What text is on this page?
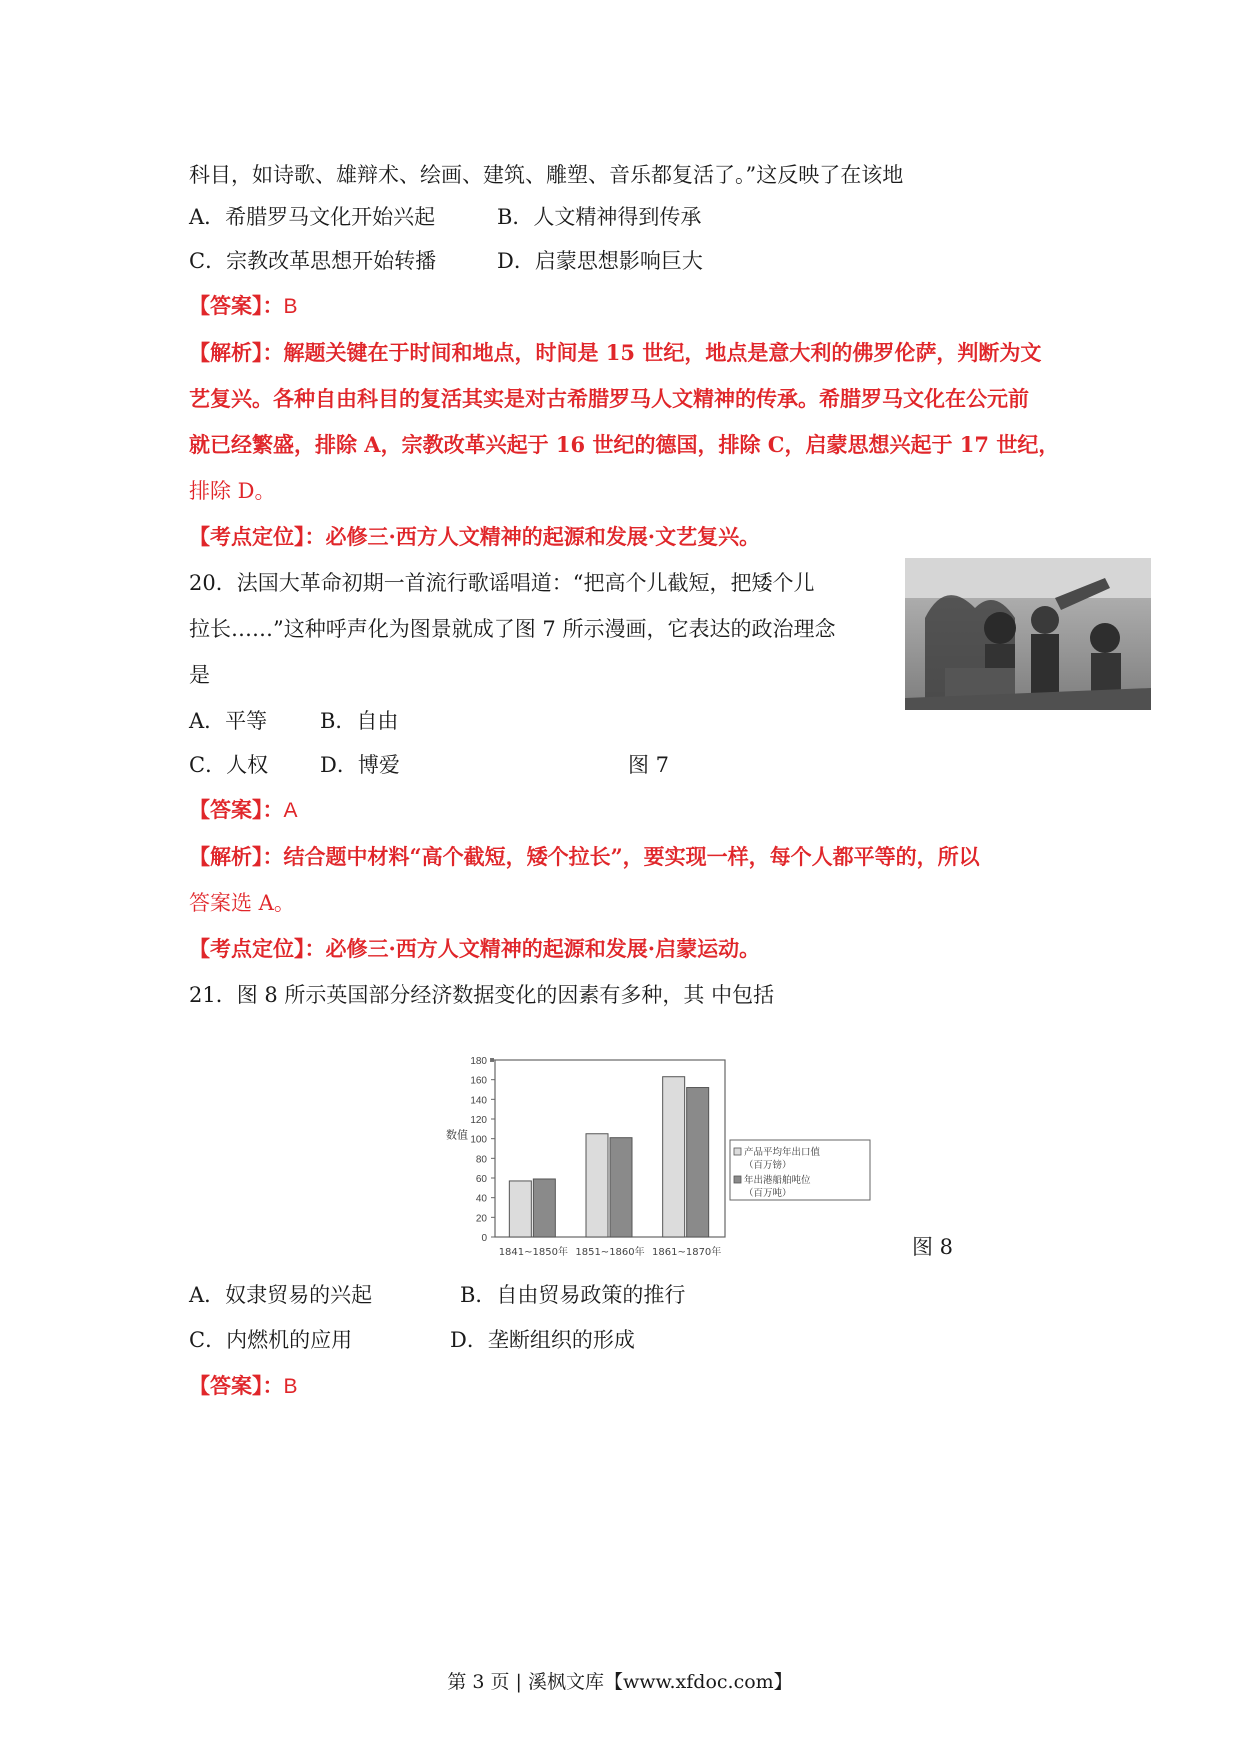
科目，如诗歌、雄辩术、绘画、建筑、雕塑、音乐都复活了。”这反映了在该地
A．希腊罗马文化开始兴起	B．人文精神得到传承
C．宗教改革思想开始转播	D．启蒙思想影响巨大
【答案】：B
【解析】：解题关键在于时间和地点，时间是 15 世纪，地点是意大利的佛罗伦萨，判断为文
艺复兴。各种自由科目的复活其实是对古希腊罗马人文精神的传承。希腊罗马文化在公元前
就已经繁盛，排除 A，宗教改革兴起于 16 世纪的德国，排除 C，启蒙思想兴起于 17 世纪，
排除 D。
【考点定位】：必修三·西方人文精神的起源和发展·文艺复兴。
20．法国大革命初期一首流行歌谣唱道：“把高个儿截短，把矮个儿
拉长……”这种呼声化为图景就成了图 7 所示漫画，它表达的政治理念
是
A．平等	B．自由
C．人权 D．博爱	图 7
【答案】：A
【解析】：结合题中材料“高个截短，矮个拉长”，要实现一样，每个人都平等的，所以
答案选 A。
【考点定位】：必修三·西方人文精神的起源和发展·启蒙运动。
21．图 8 所示英国部分经济数据变化的因素有多种，其 中包括
0
20
40
60
80
100
120
140
160
180
数值
1841~1850年 1851~1860年 1861~1870年
产品平均年出口值
（百万镑）
年出港船舶吨位
（百万吨）
图 8
A．奴隶贸易的兴起	B．自由贸易政策的推行
C．内燃机的应用	D．垄断组织的形成
【答案】：B
第 3 页 | 溪枫文库【www.xfdoc.com】
